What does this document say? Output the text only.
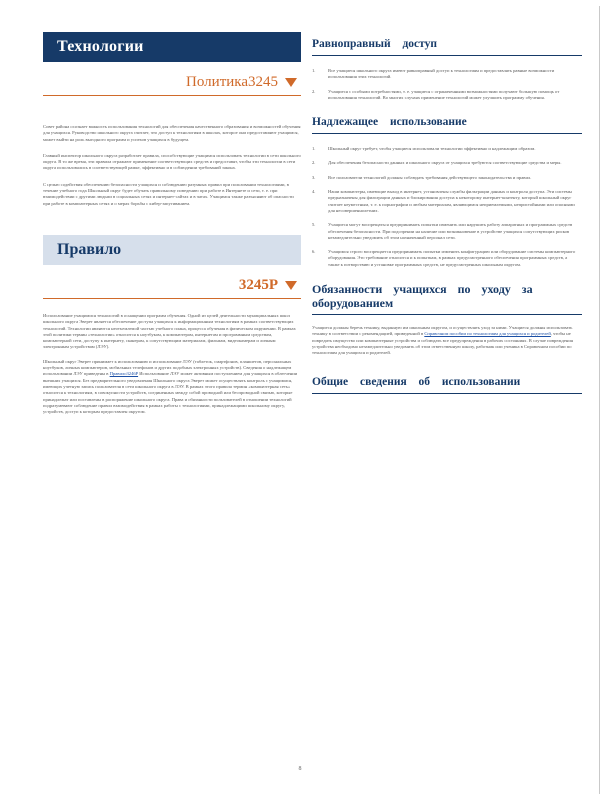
Технологии
Политика3245

Совет района осознает важность использования технологий для обеспечения качественного образования и возможностей обучения для учащихся. Руководство школьного округа считает, что доступ к технологиям в школах, которое они предоставляют учащимся, может выйти на роль выгодного программ и успехов учащихся в будущем.

Главный инспектор школьного округа разработает правила, способствующие учащимся использовать технологии в сети школьного округа. В то же время, эти правила отражают применение соответствующих средств и предоставят, чтобы эти технологии в сети округа использовались в соответствующей рамке, эффективно и в соблюдении требований закона.

С целью содействия обеспечению безопасности учащихся и соблюдению разумных правил при пользовании технологиями, в течение учебного года Школьный округ будет обучать правильному поведению при работе в Интернете и сети, т. е. при взаимодействии с другими людьми в социальных сетях и интернет-сайтах и в чатах. Учащимся также разъясняют об опасности при работе в компьютерных сетях и о мерах борьбы с кибер-запугиванием.

Правило
3245P

Использование учащимися технологий в оснащении программ обучения. Одной из целей деятельности муниципальных школ школьного округа Эверет является обеспечение доступа учащихся к информационным технологиям в рамках соответствующих технологий. Технологии являются неотъемлемой частью учебного плана, процесса обучения в физическом окружении. В рамках этой политики термин «технологии» относится к ноутбукам, к компьютерам, интернетам и программным средствам, компьютерной сети, доступу к интернету, сканерам, к сопутствующим материалам, фильмам, видеокамерам и личным электронным устройствам (ЛЭУ).

Школьный округ Эверет принимает к использованию и использование ЛЭУ (таблеток, смартфонов, планшетов, персональных ноутбуков, личных компьютеров, мобильных телефонов и других подобных электронных устройств). Сведения о надлежащем использовании ЛЭУ приведены в Правило3246P Использование ЛЭУ может активным поступлением для учащихся в облегчении внешних учащихся. Без предварительного уведомления Школьного округа Эверет может осуществлять контроль с учащимися, имеющих учетную запись пользователя в сети школьного округа в ЛЭУ. В рамках этого правила термин «компьютерная сеть» относится к технологиям, в совокупности устройств, соединенных между собой проводной или беспроводной связью, которые принадлежат или поставлены в распоряжение школьного округа. Права и обязанности пользователей в отношении технологий подразумевают соблюдение правил взаимодействия в рамках работы с технологиями, принадлежащими школьному округу, устройств, доступ к которым предоставлен округом.

Равноправный доступ
1.	Все учащиеся школьного округа имеют равноправный доступ к технологиям и предоставлять равные возможности использования этих технологий.
2.	Учащиеся с особыми потребностями, т. е. учащиеся с ограниченными возможностями получают большую помощь от использования технологий. Во многих случаях применение технологий может улучшить программу обучения.
Надлежащее использование
1.	Школьный округ требует, чтобы учащиеся использовали технологии эффективно и надлежащим образом.
2.	Для обеспечения безопасности данных и школьного округа от учащихся требуются соответствующие средства и меры.
3.	Все пользователи технологий должны соблюдать требования действующего законодательства и правил.
4.	Наши компьютеры, имеющие выход в интернет, установлены службы фильтрации данных и контроля доступа. Эти системы предназначены для фильтрации данных и блокирования доступа к некоторому интернет-контенту, который школьный округ считает неуместным, т. е. к порнографии и любым материалам, являющимся неприемлемыми, непристойными или опасными для несовершеннолетних.
5.	Учащиеся могут воспрещаться предпринимать попытки изменить или нарушить работу аппаратных и программных средств обеспечения безопасности. При подозрении на наличие или возникновение в устройстве учащихся сопутствующих рисков незамедлительно уведомить об этом назначенный персонал сети.
6.	Учащимся строго воспрещается предпринимать попытки изменить конфигурацию или оборудование системы компьютерного оборудования. Это требование относится и к попыткам, в рамках предусмотренного обеспечения программных средств, а также к потворствию и установке программных средств, не предусмотренных школьным округом.
Обязанности учащихся по уходу за оборудованием

Учащиеся должны беречь технику, выданную им школьным округом, и осуществлять уход за ними. Учащиеся должны использовать технику в соответствии с рекомендацией, приведенной в Справочном пособии по технологиям для учащихся и родителей, чтобы не повредить имущество или компьютерные устройства и соблюдать все предупреждения в рабочих состояниях. В случае повреждения устройства необходимо незамедлительно уведомить об этом ответственную школу, работник или ученика в Справочном пособии по технологиям для учащихся и родителей.

Общие сведения об использовании
8
